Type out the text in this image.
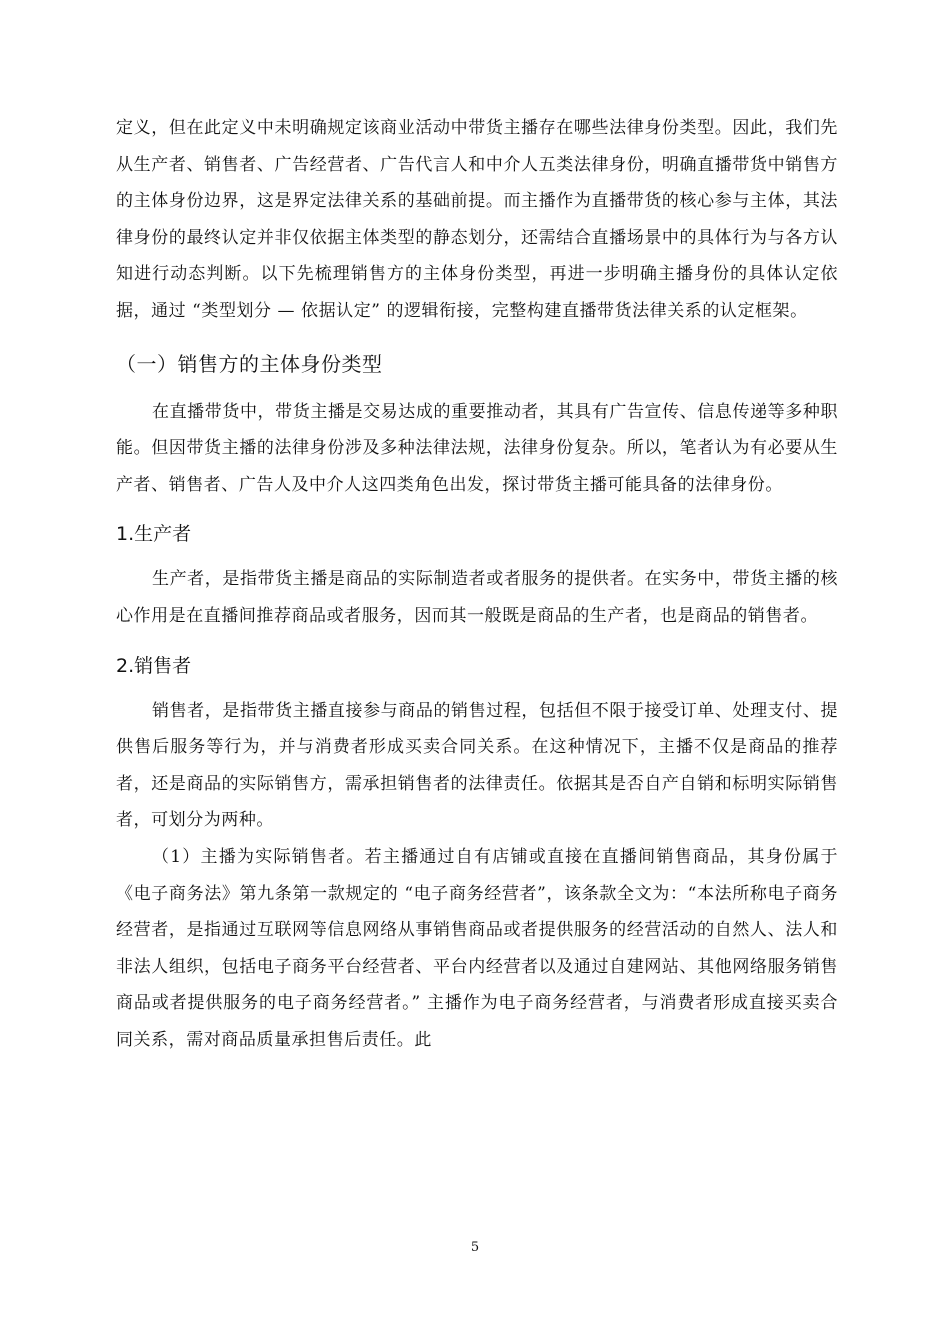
定义，但在此定义中未明确规定该商业活动中带货主播存在哪些法律身份类型。因此，我们先从生产者、销售者、广告经营者、广告代言人和中介人五类法律身份，明确直播带货中销售方的主体身份边界，这是界定法律关系的基础前提。而主播作为直播带货的核心参与主体，其法律身份的最终认定并非仅依据主体类型的静态划分，还需结合直播场景中的具体行为与各方认知进行动态判断。以下先梳理销售方的主体身份类型，再进一步明确主播身份的具体认定依据，通过 “类型划分 — 依据认定” 的逻辑衔接，完整构建直播带货法律关系的认定框架。

（一）销售方的主体身份类型

在直播带货中，带货主播是交易达成的重要推动者，其具有广告宣传、信息传递等多种职能。但因带货主播的法律身份涉及多种法律法规，法律身份复杂。所以，笔者认为有必要从生产者、销售者、广告人及中介人这四类角色出发，探讨带货主播可能具备的法律身份。

1.生产者

生产者，是指带货主播是商品的实际制造者或者服务的提供者。在实务中，带货主播的核心作用是在直播间推荐商品或者服务，因而其一般既是商品的生产者，也是商品的销售者。

2.销售者

销售者，是指带货主播直接参与商品的销售过程，包括但不限于接受订单、处理支付、提供售后服务等行为，并与消费者形成买卖合同关系。在这种情况下，主播不仅是商品的推荐者，还是商品的实际销售方，需承担销售者的法律责任。依据其是否自产自销和标明实际销售者，可划分为两种。

（1）主播为实际销售者。若主播通过自有店铺或直接在直播间销售商品，其身份属于《电子商务法》第九条第一款规定的 “电子商务经营者”，该条款全文为：“本法所称电子商务经营者，是指通过互联网等信息网络从事销售商品或者提供服务的经营活动的自然人、法人和非法人组织，包括电子商务平台经营者、平台内经营者以及通过自建网站、其他网络服务销售商品或者提供服务的电子商务经营者。” 主播作为电子商务经营者，与消费者形成直接买卖合同关系，需对商品质量承担售后责任。此

5
